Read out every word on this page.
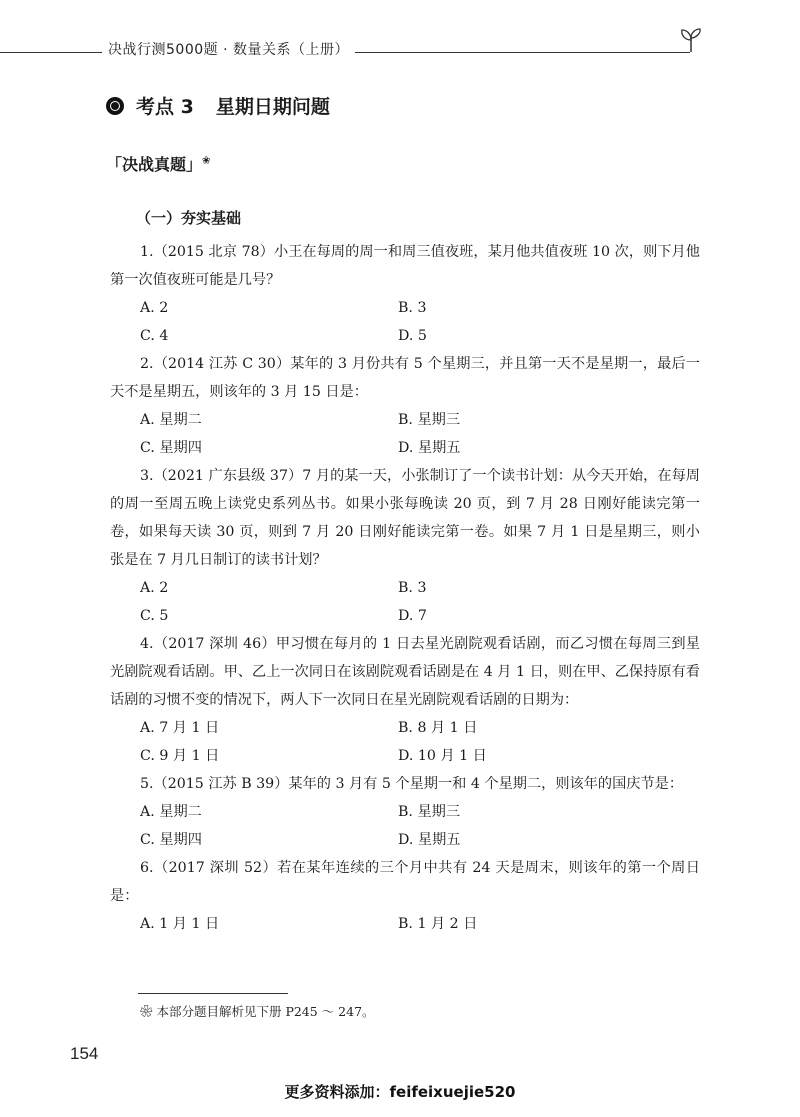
决战行测5000题 · 数量关系（上册）
考点 3 星期日期问题
「决战真题」❀
（一）夯实基础

1.（2015 北京 78）小王在每周的周一和周三值夜班，某月他共值夜班 10 次，则下月他第一次值夜班可能是几号？

A. 2	B. 3
C. 4	D. 5

2.（2014 江苏 C 30）某年的 3 月份共有 5 个星期三，并且第一天不是星期一，最后一天不是星期五，则该年的 3 月 15 日是：

A. 星期二	B. 星期三
C. 星期四	D. 星期五

3.（2021 广东县级 37）7 月的某一天，小张制订了一个读书计划：从今天开始，在每周的周一至周五晚上读党史系列丛书。如果小张每晚读 20 页，到 7 月 28 日刚好能读完第一卷，如果每天读 30 页，则到 7 月 20 日刚好能读完第一卷。如果 7 月 1 日是星期三，则小张是在 7 月几日制订的读书计划？

A. 2	B. 3
C. 5	D. 7

4.（2017 深圳 46）甲习惯在每月的 1 日去星光剧院观看话剧，而乙习惯在每周三到星光剧院观看话剧。甲、乙上一次同日在该剧院观看话剧是在 4 月 1 日，则在甲、乙保持原有看话剧的习惯不变的情况下，两人下一次同日在星光剧院观看话剧的日期为：

A. 7 月 1 日	B. 8 月 1 日
C. 9 月 1 日	D. 10 月 1 日

5.（2015 江苏 B 39）某年的 3 月有 5 个星期一和 4 个星期二，则该年的国庆节是：

A. 星期二	B. 星期三
C. 星期四	D. 星期五

6.（2017 深圳 52）若在某年连续的三个月中共有 24 天是周末，则该年的第一个周日是：

A. 1 月 1 日	B. 1 月 2 日
❀ 本部分题目解析见下册 P245 ～ 247。
154
更多资料添加：feifeixuejie520
